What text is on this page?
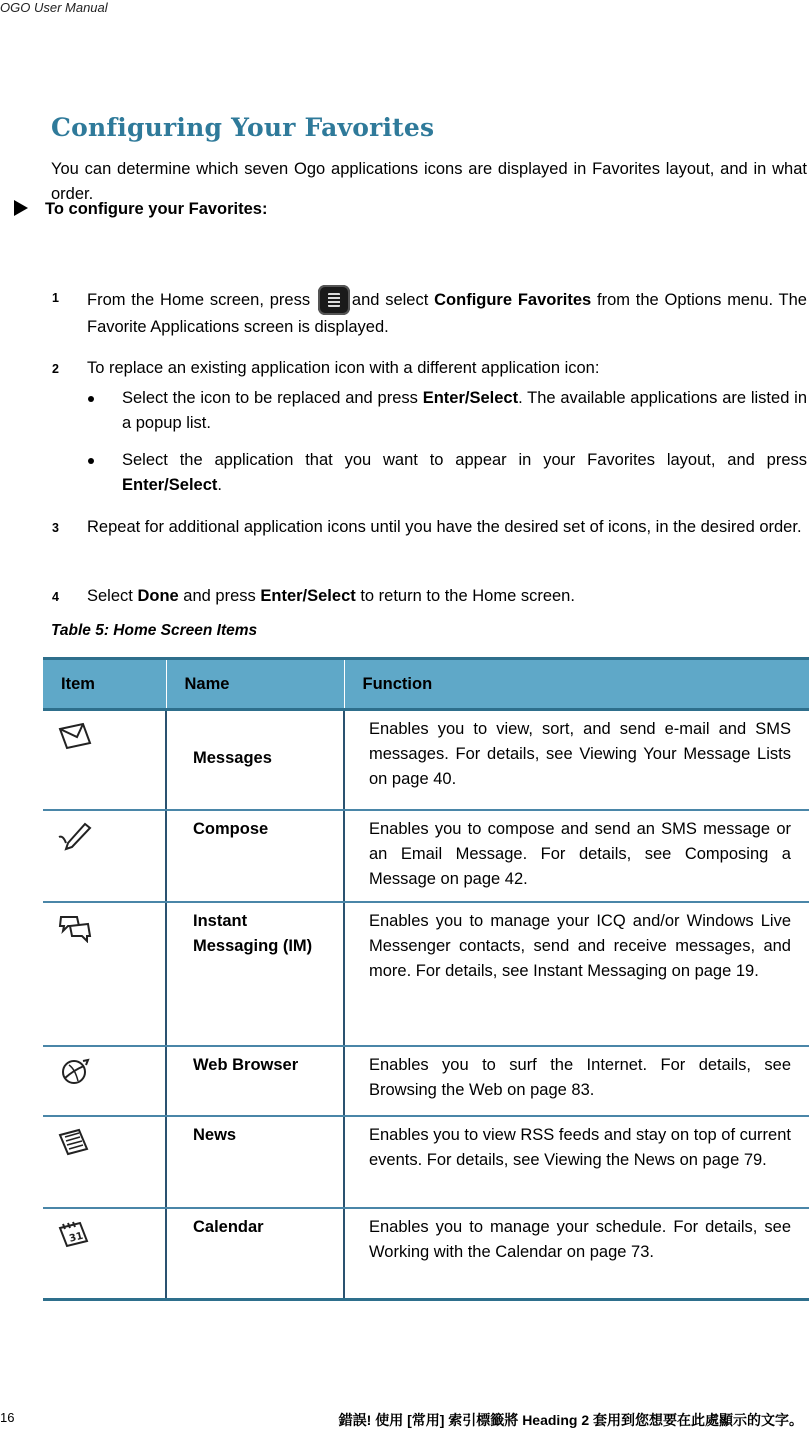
OGO User Manual
Configuring Your Favorites
You can determine which seven Ogo applications icons are displayed in Favorites layout, and in what order.
To configure your Favorites:
1 From the Home screen, press	and select Configure Favorites from the Options menu. The Favorite Applications screen is displayed.
2 To replace an existing application icon with a different application icon:
Select the icon to be replaced and press Enter/Select. The available applications are listed in a popup list.
Select the application that you want to appear in your Favorites layout, and press Enter/Select.
3 Repeat for additional application icons until you have the desired set of icons, in the desired order.
4 Select Done and press Enter/Select to return to the Home screen.
Table 5: Home Screen Items
Item	Name	Function
	Messages	Enables you to view, sort, and send e-mail and SMS messages. For details, see Viewing Your Message Lists on page 40.
	Compose	Enables you to compose and send an SMS message or an Email Message. For details, see Composing a Message on page 42.
	Instant Messaging (IM)	Enables you to manage your ICQ and/or Windows Live Messenger contacts, send and receive messages, and more. For details, see Instant Messaging on page 19.
	Web Browser	Enables you to surf the Internet. For details, see Browsing the Web on page 83.
	News	Enables you to view RSS feeds and stay on top of current events. For details, see Viewing the News on page 79.

31	Calendar	Enables you to manage your schedule. For details, see Working with the Calendar on page 73.
16	錯誤! 使用 [常用] 索引標籤將 Heading 2 套用到您想要在此處顯示的文字。
